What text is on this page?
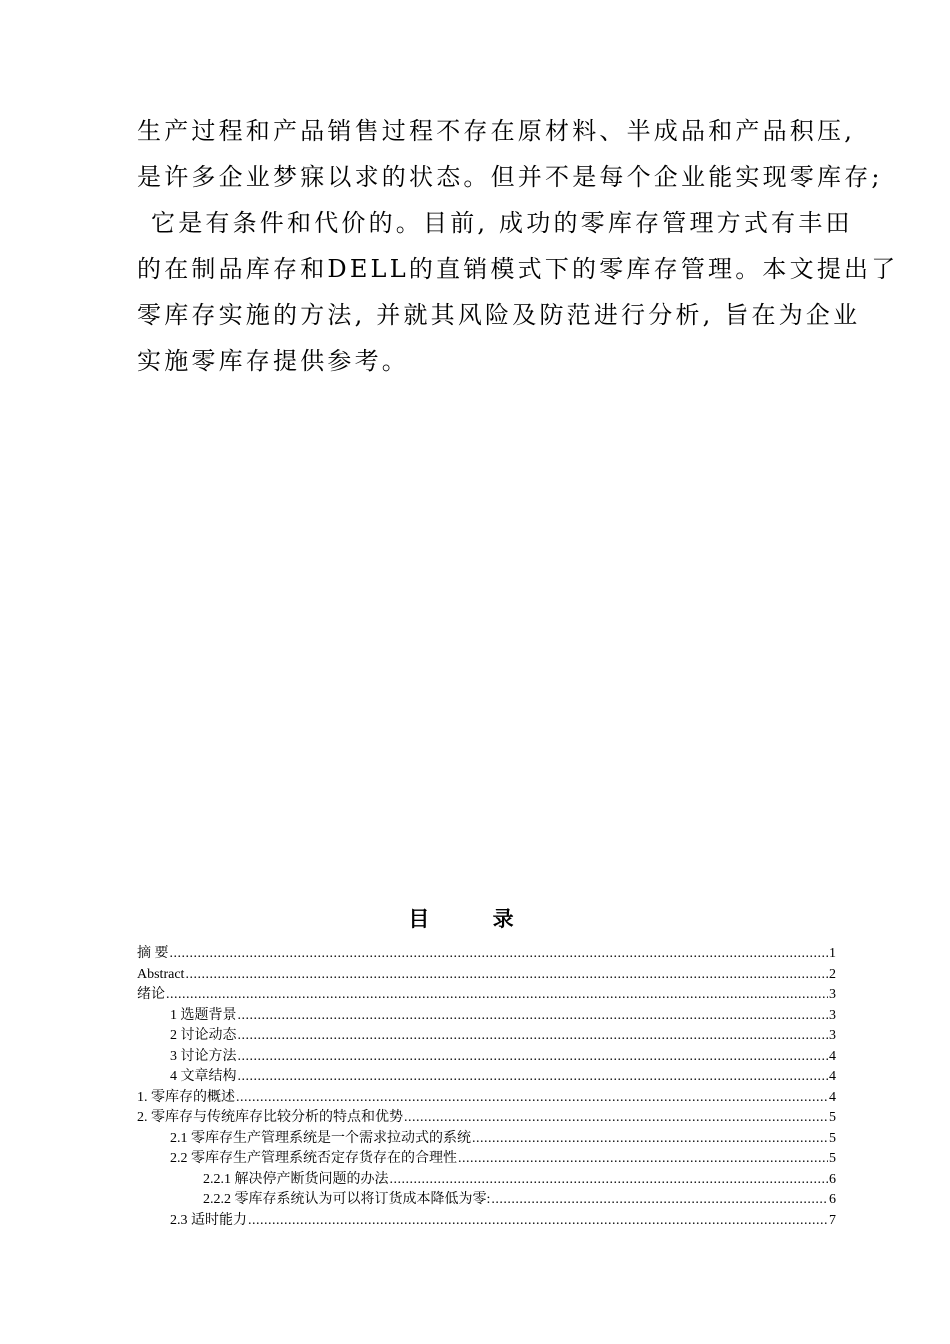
生产过程和产品销售过程不存在原材料、半成品和产品积压,
是许多企业梦寐以求的状态。但并不是每个企业能实现零库存;
它是有条件和代价的。目前, 成功的零库存管理方式有丰田
的在制品库存和DELL的直销模式下的零库存管理。本文提出了
零库存实施的方法, 并就其风险及防范进行分析, 旨在为企业
实施零库存提供参考。
目 录
摘 要 .....	1
Abstract .....	2
绪论 .....	3
1 选题背景 .....	3
2 讨论动态 .....	3
3 讨论方法 .....	4
4 文章结构 .....	4
1. 零库存的概述 .....	4
2. 零库存与传统库存比较分析的特点和优势 .....	5
2.1 零库存生产管理系统是一个需求拉动式的系统 .....	5
2.2 零库存生产管理系统否定存货存在的合理性 .....	5
2.2.1 解决停产断货问题的办法 .....	6
2.2.2 零库存系统认为可以将订货成本降低为零: .....	6
2.3 适时能力 .....	7
